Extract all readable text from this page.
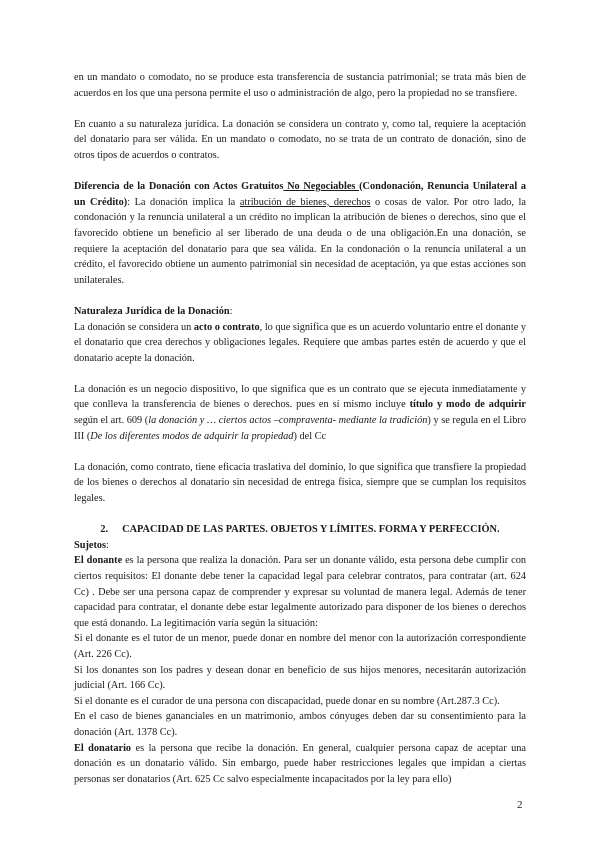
en un mandato o comodato, no se produce esta transferencia de sustancia patrimonial; se trata más bien de acuerdos en los que una persona permite el uso o administración de algo, pero la propiedad no se transfiere.

En cuanto a su naturaleza jurídica. La donación se considera un contrato y, como tal, requiere la aceptación del donatario para ser válida. En un mandato o comodato, no se trata de un contrato de donación, sino de otros tipos de acuerdos o contratos.

Diferencia de la Donación con Actos Gratuitos No Negociables (Condonación, Renuncia Unilateral a un Crédito): La donación implica la atribución de bienes, derechos o cosas de valor. Por otro lado, la condonación y la renuncia unilateral a un crédito no implican la atribución de bienes o derechos, sino que el favorecido obtiene un beneficio al ser liberado de una deuda o de una obligación.En una donación, se requiere la aceptación del donatario para que sea válida. En la condonación o la renuncia unilateral a un crédito, el favorecido obtiene un aumento patrimonial sin necesidad de aceptación, ya que estas acciones son unilaterales.

Naturaleza Jurídica de la Donación:

La donación se considera un acto o contrato, lo que significa que es un acuerdo voluntario entre el donante y el donatario que crea derechos y obligaciones legales. Requiere que ambas partes estén de acuerdo y que el donatario acepte la donación.

La donación es un negocio dispositivo, lo que significa que es un contrato que se ejecuta inmediatamente y que conlleva la transferencia de bienes o derechos. pues en sí mismo incluye título y modo de adquirir según el art. 609 (la donación y … ciertos actos –compraventa- mediante la tradición) y se regula en el Libro III (De los diferentes modos de adquirir la propiedad) del Cc

La donación, como contrato, tiene eficacia traslativa del dominio, lo que significa que transfiere la propiedad de los bienes o derechos al donatario sin necesidad de entrega física, siempre que se cumplan los requisitos legales.

2. CAPACIDAD DE LAS PARTES. OBJETOS Y LÍMITES. FORMA Y PERFECCIÓN.

Sujetos:

El donante es la persona que realiza la donación. Para ser un donante válido, esta persona debe cumplir con ciertos requisitos: El donante debe tener la capacidad legal para celebrar contratos, para contratar (art. 624 Cc) . Debe ser una persona capaz de comprender y expresar su voluntad de manera legal. Además de tener capacidad para contratar, el donante debe estar legalmente autorizado para disponer de los bienes o derechos que está donando. La legitimación varía según la situación:

Si el donante es el tutor de un menor, puede donar en nombre del menor con la autorización correspondiente (Art. 226 Cc).

Si los donantes son los padres y desean donar en beneficio de sus hijos menores, necesitarán autorización judicial (Art. 166 Cc).

Si el donante es el curador de una persona con discapacidad, puede donar en su nombre (Art.287.3 Cc).

En el caso de bienes gananciales en un matrimonio, ambos cónyuges deben dar su consentimiento para la donación (Art. 1378 Cc).

El donatario es la persona que recibe la donación. En general, cualquier persona capaz de aceptar una donación es un donatario válido. Sin embargo, puede haber restricciones legales que impidan a ciertas personas ser donatarios (Art. 625 Cc salvo especialmente incapacitados por la ley para ello)

2
